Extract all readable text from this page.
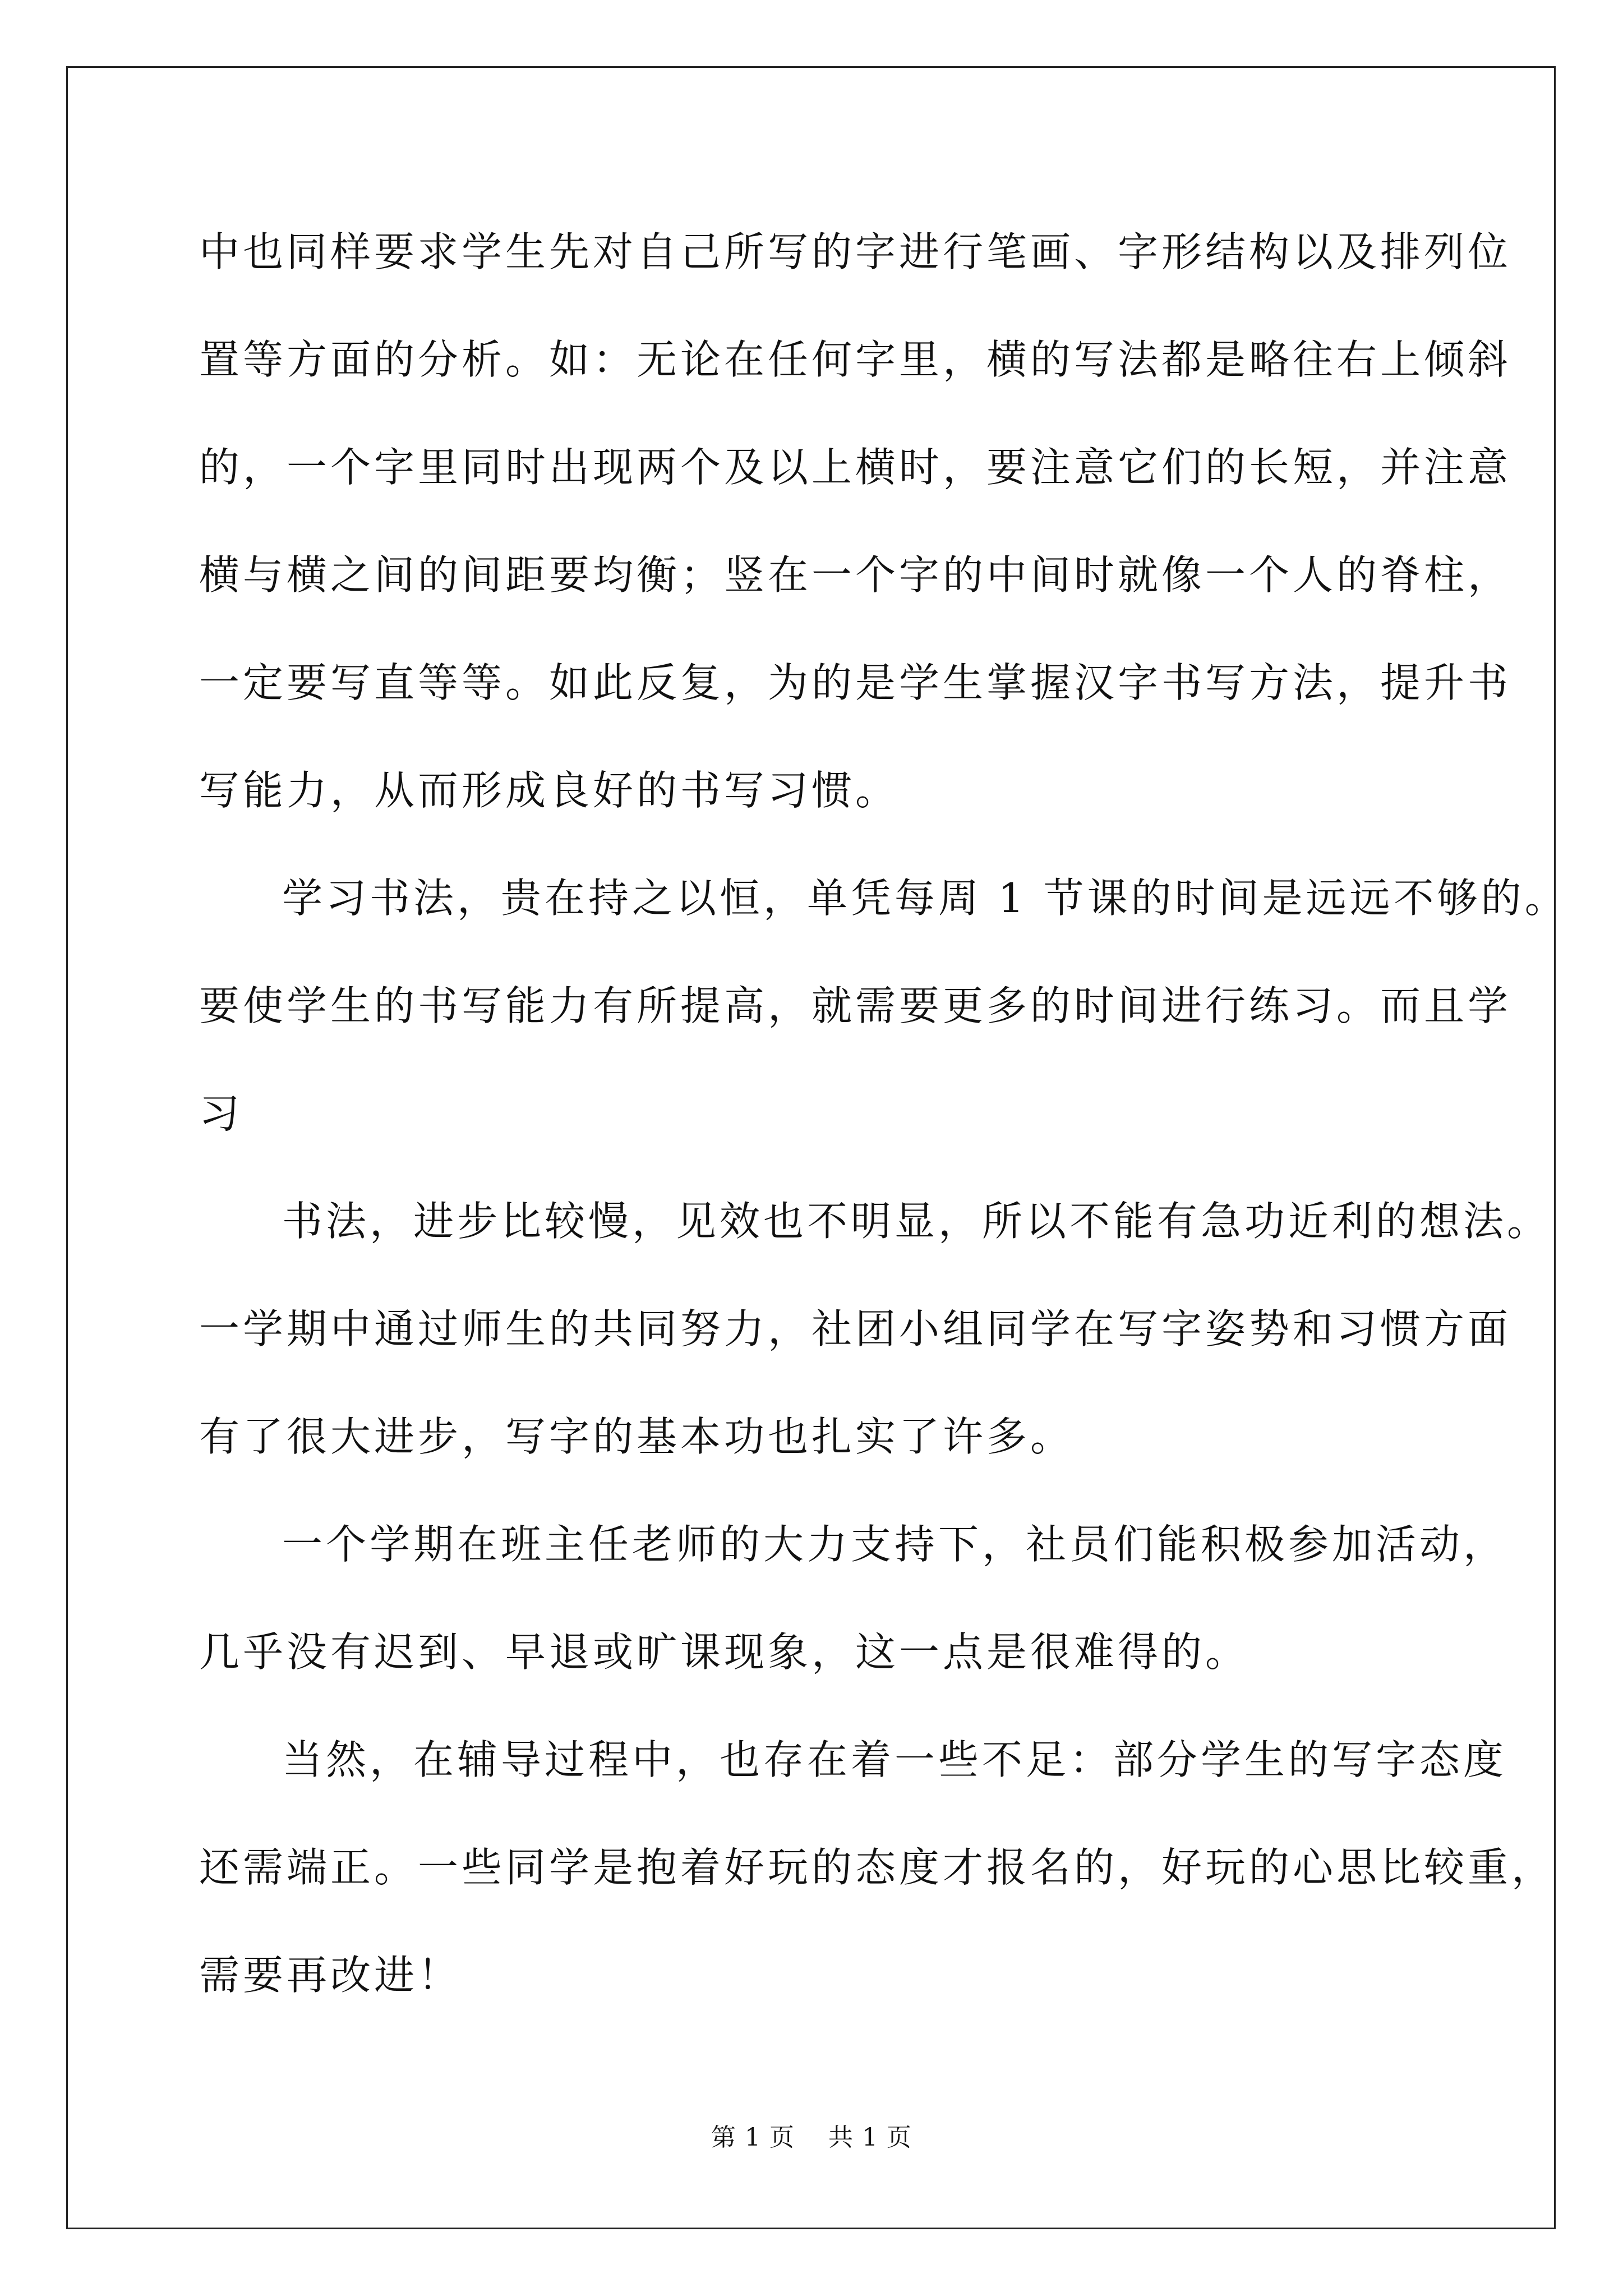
中也同样要求学生先对自己所写的字进行笔画、字形结构以及排列位
置等方面的分析。如：无论在任何字里，横的写法都是略往右上倾斜
的，一个字里同时出现两个及以上横时，要注意它们的长短，并注意
横与横之间的间距要均衡；竖在一个字的中间时就像一个人的脊柱，
一定要写直等等。如此反复，为的是学生掌握汉字书写方法，提升书
写能力，从而形成良好的书写习惯。
学习书法，贵在持之以恒，单凭每周 1 节课的时间是远远不够的。
要使学生的书写能力有所提高，就需要更多的时间进行练习。而且学
习
书法，进步比较慢，见效也不明显，所以不能有急功近利的想法。
一学期中通过师生的共同努力，社团小组同学在写字姿势和习惯方面
有了很大进步，写字的基本功也扎实了许多。
一个学期在班主任老师的大力支持下，社员们能积极参加活动，
几乎没有迟到、早退或旷课现象，这一点是很难得的。
当然，在辅导过程中，也存在着一些不足：部分学生的写字态度
还需端正。一些同学是抱着好玩的态度才报名的，好玩的心思比较重，
需要再改进！
第 1 页    共 1 页
